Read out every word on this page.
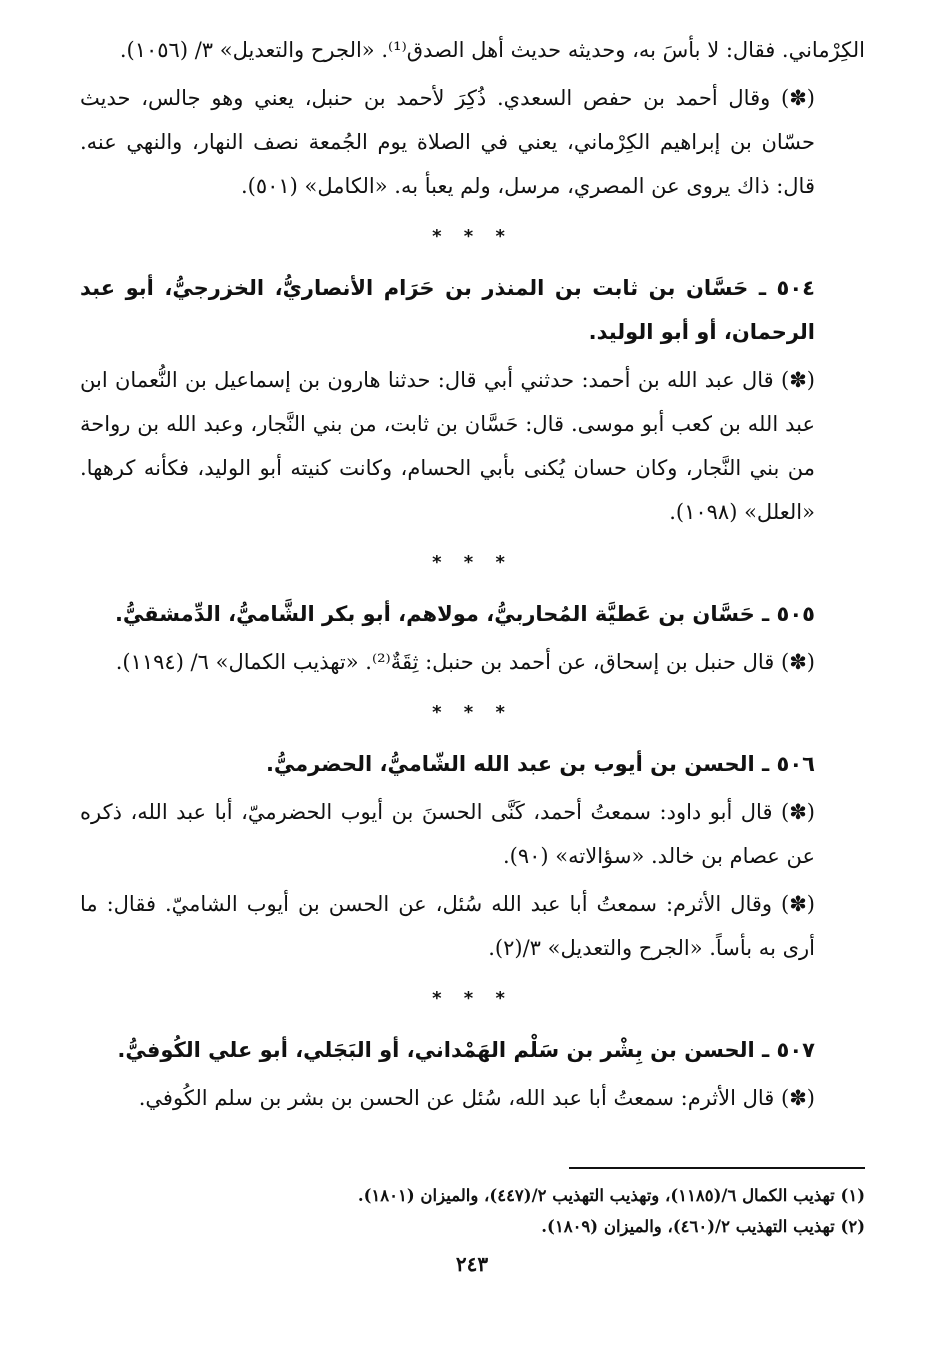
الكِرْماني. فقال: لا بأسَ به، وحديثه حديث أهل الصدق⁽¹⁾. «الجرح والتعديل» ٣/ (١٠٥٦).

(✽) وقال أحمد بن حفص السعدي. ذُكِرَ لأحمد بن حنبل، يعني وهو جالس، حديث حسّان بن إبراهيم الكِرْماني، يعني في الصلاة يوم الجُمعة نصف النهار، والنهي عنه. قال: ذاك يروى عن المصري، مرسل، ولم يعبأ به. «الكامل» (٥٠١).

* * *

٥٠٤ ـ حَسَّان بن ثابت بن المنذر بن حَرَام الأنصاريُّ، الخزرجيُّ، أبو عبد الرحمان، أو أبو الوليد.

(✽) قال عبد الله بن أحمد: حدثني أبي قال: حدثنا هارون بن إسماعيل بن النُّعمان ابن عبد الله بن كعب أبو موسى. قال: حَسَّان بن ثابت، من بني النَّجار، وعبد الله بن رواحة من بني النَّجار، وكان حسان يُكنى بأبي الحسام، وكانت كنيته أبو الوليد، فكأنه كرهها. «العلل» (١٠٩٨).

* * *

٥٠٥ ـ حَسَّان بن عَطيَّة المُحاربيُّ، مولاهم، أبو بكر الشَّاميُّ، الدِّمشقيُّ.

(✽) قال حنبل بن إسحاق، عن أحمد بن حنبل: ثِقَةٌ⁽²⁾. «تهذيب الكمال» ٦/ (١١٩٤).

* * *

٥٠٦ ـ الحسن بن أيوب بن عبد الله الشّاميُّ، الحضرميُّ.

(✽) قال أبو داود: سمعتُ أحمد، كَنَّى الحسنَ بن أيوب الحضرميّ، أبا عبد الله، ذكره عن عصام بن خالد. «سؤالاته» (٩٠).

(✽) وقال الأثرم: سمعتُ أبا عبد الله سُئل، عن الحسن بن أيوب الشاميّ. فقال: ما أرى به بأساً. «الجرح والتعديل» ٣/(٢).

* * *

٥٠٧ ـ الحسن بن بِشْر بن سَلْم الهَمْداني، أو البَجَلي، أبو علي الكُوفيُّ.

(✽) قال الأثرم: سمعتُ أبا عبد الله، سُئل عن الحسن بن بشر بن سلم الكُوفي.

(١) تهذيب الكمال ٦/(١١٨٥)، وتهذيب التهذيب ٢/(٤٤٧)، والميزان (١٨٠١).
(٢) تهذيب التهذيب ٢/(٤٦٠)، والميزان (١٨٠٩).
٢٤٣
